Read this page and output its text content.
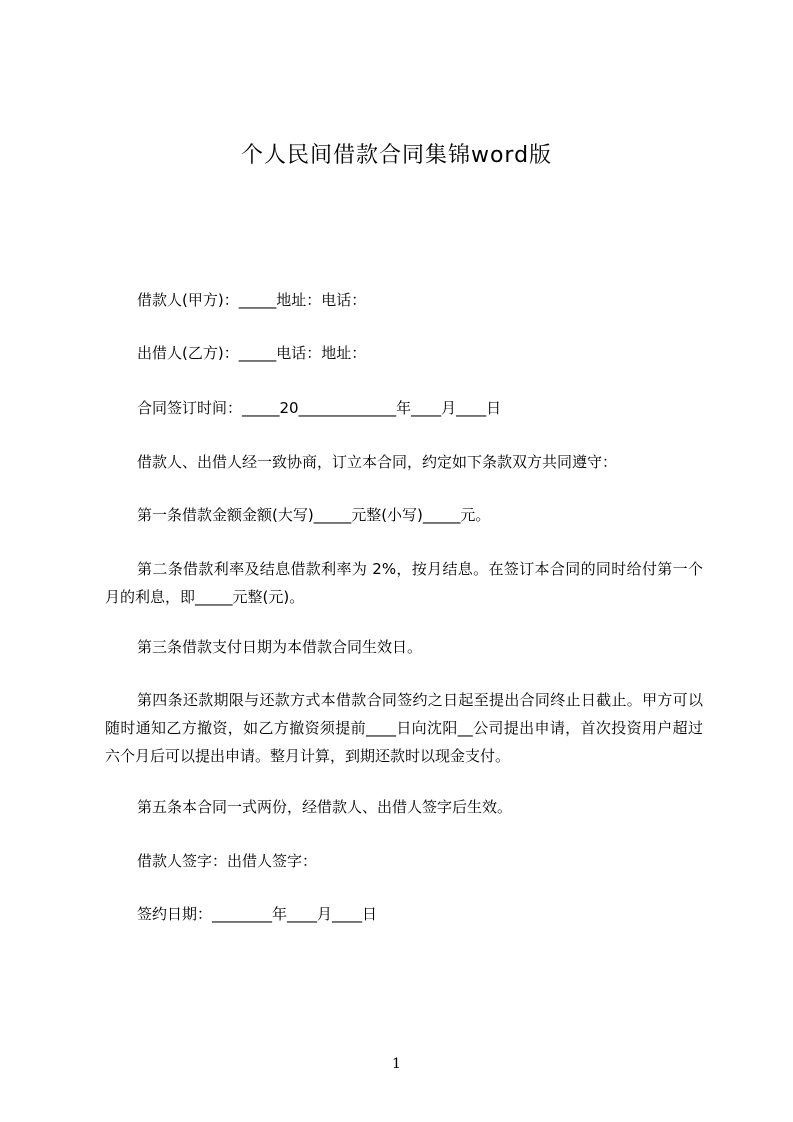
个人民间借款合同集锦word版

借款人(甲方)：_____地址：电话：

出借人(乙方)：_____电话：地址：

合同签订时间：_____20_____________年____月____日

借款人、出借人经一致协商，订立本合同，约定如下条款双方共同遵守：

第一条借款金额金额(大写)_____元整(小写)_____元。

第二条借款利率及结息借款利率为 2%，按月结息。在签订本合同的同时给付第一个月的利息，即_____元整(元)。

第三条借款支付日期为本借款合同生效日。

第四条还款期限与还款方式本借款合同签约之日起至提出合同终止日截止。甲方可以随时通知乙方撤资，如乙方撤资须提前____日向沈阳__公司提出申请，首次投资用户超过六个月后可以提出申请。整月计算，到期还款时以现金支付。

第五条本合同一式两份，经借款人、出借人签字后生效。

借款人签字：出借人签字：

签约日期：________年____月____日

1
